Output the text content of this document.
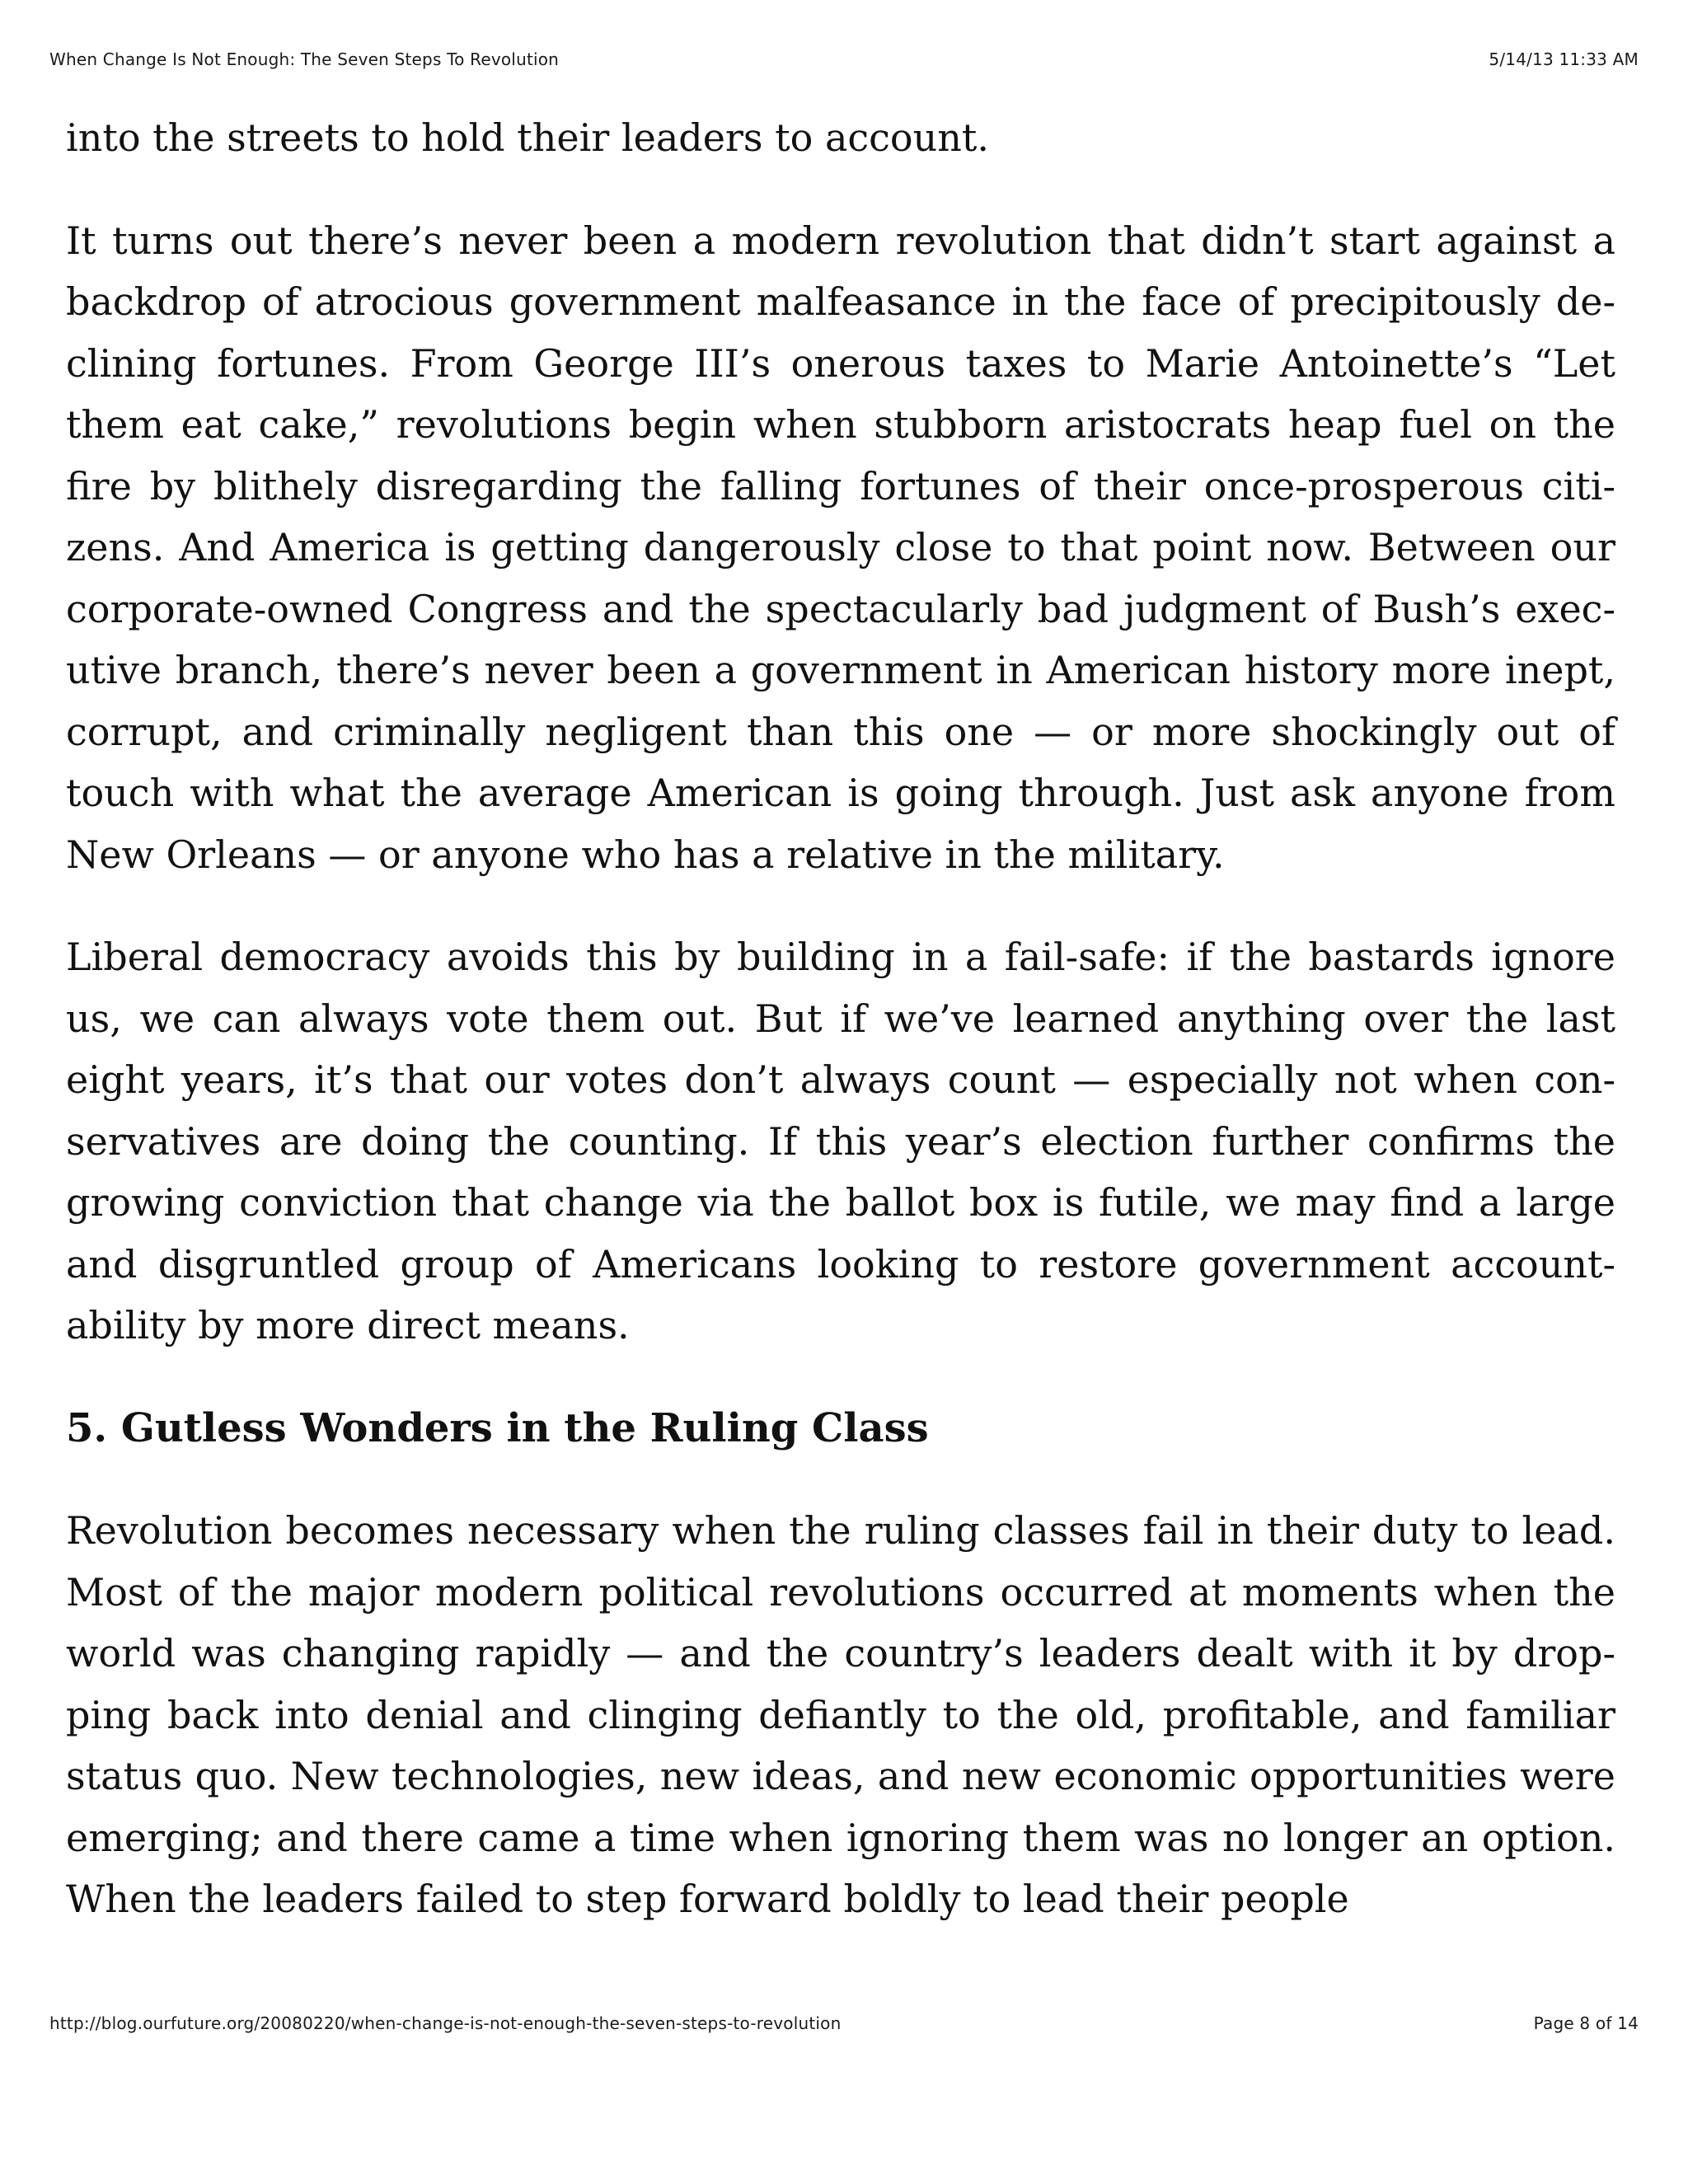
When Change Is Not Enough: The Seven Steps To Revolution	5/14/13 11:33 AM

into the streets to hold their leaders to account.

It turns out there’s never been a modern revolution that didn’t start against a backdrop of atrocious government malfeasance in the face of precipitously declining fortunes. From George III’s onerous taxes to Marie Antoinette’s “Let them eat cake,” revolutions begin when stubborn aristocrats heap fuel on the fire by blithely disregarding the falling fortunes of their once-prosperous citizens. And America is getting dangerously close to that point now. Between our corporate-owned Congress and the spectacularly bad judgment of Bush’s executive branch, there’s never been a government in American history more inept, corrupt, and criminally negligent than this one — or more shockingly out of touch with what the average American is going through. Just ask anyone from New Orleans — or anyone who has a relative in the military.

Liberal democracy avoids this by building in a fail-safe: if the bastards ignore us, we can always vote them out. But if we’ve learned anything over the last eight years, it’s that our votes don’t always count — especially not when conservatives are doing the counting. If this year’s election further confirms the growing conviction that change via the ballot box is futile, we may find a large and disgruntled group of Americans looking to restore government accountability by more direct means.

5. Gutless Wonders in the Ruling Class

Revolution becomes necessary when the ruling classes fail in their duty to lead. Most of the major modern political revolutions occurred at moments when the world was changing rapidly — and the country’s leaders dealt with it by dropping back into denial and clinging defiantly to the old, profitable, and familiar status quo. New technologies, new ideas, and new economic opportunities were emerging; and there came a time when ignoring them was no longer an option. When the leaders failed to step forward boldly to lead their people

http://blog.ourfuture.org/20080220/when-change-is-not-enough-the-seven-steps-to-revolution	Page 8 of 14
